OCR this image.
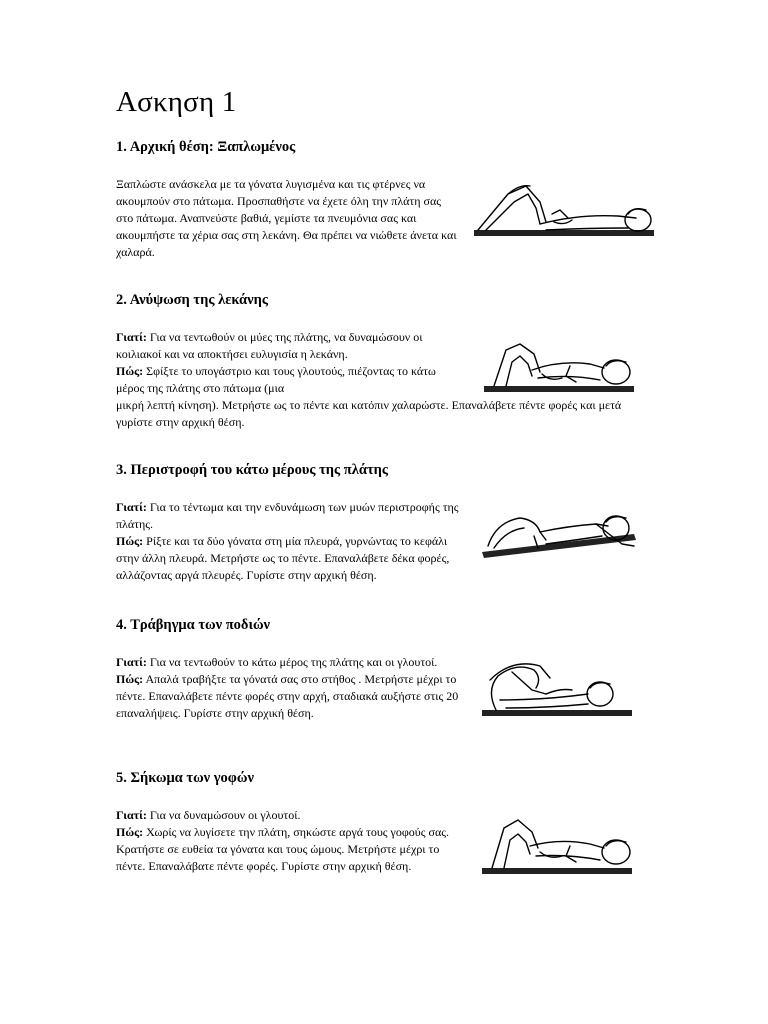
Ασκηση 1
1. Αρχική θέση: Ξαπλωμένος

Ξαπλώστε ανάσκελα με τα γόνατα λυγισμένα και τις φτέρνες να ακουμπούν στο πάτωμα. Προσπαθήστε να έχετε όλη την πλάτη σας στο πάτωμα. Αναπνεύστε βαθιά, γεμίστε τα πνευμόνια σας και ακουμπήστε τα χέρια σας στη λεκάνη. Θα πρέπει να νιώθετε άνετα και χαλαρά.

2. Ανύψωση της λεκάνης

Γιατί: Για να τεντωθούν οι μύες της πλάτης, να δυναμώσουν οι κοιλιακοί και να αποκτήσει ευλυγισία η λεκάνη.
Πώς: Σφίξτε το υπογάστριο και τους γλουτούς, πιέζοντας το κάτω μέρος της πλάτης στο πάτωμα (μια

μικρή λεπτή κίνηση). Μετρήστε ως το πέντε και κατόπιν χαλαρώστε. Επαναλάβετε πέντε φορές και μετά γυρίστε στην αρχική θέση.

3. Περιστροφή του κάτω μέρους της πλάτης

Γιατί: Για το τέντωμα και την ενδυνάμωση των μυών περιστροφής της πλάτης.
Πώς: Ρίξτε και τα δύο γόνατα στη μία πλευρά, γυρνώντας το κεφάλι στην άλλη πλευρά. Μετρήστε ως το πέντε. Επαναλάβετε δέκα φορές, αλλάζοντας αργά πλευρές. Γυρίστε στην αρχική θέση.

4. Τράβηγμα των ποδιών

Γιατί: Για να τεντωθούν το κάτω μέρος της πλάτης και οι γλουτοί.
Πώς: Απαλά τραβήξτε τα γόνατά σας στο στήθος . Μετρήστε μέχρι το πέντε. Επαναλάβετε πέντε φορές στην αρχή, σταδιακά αυξήστε στις 20 επαναλήψεις. Γυρίστε στην αρχική θέση.

5. Σήκωμα των γοφών

Γιατί: Για να δυναμώσουν οι γλουτοί.
Πώς: Χωρίς να λυγίσετε την πλάτη, σηκώστε αργά τους γοφούς σας. Κρατήστε σε ευθεία τα γόνατα και τους ώμους. Μετρήστε μέχρι το πέντε. Επαναλάβατε πέντε φορές. Γυρίστε στην αρχική θέση.
